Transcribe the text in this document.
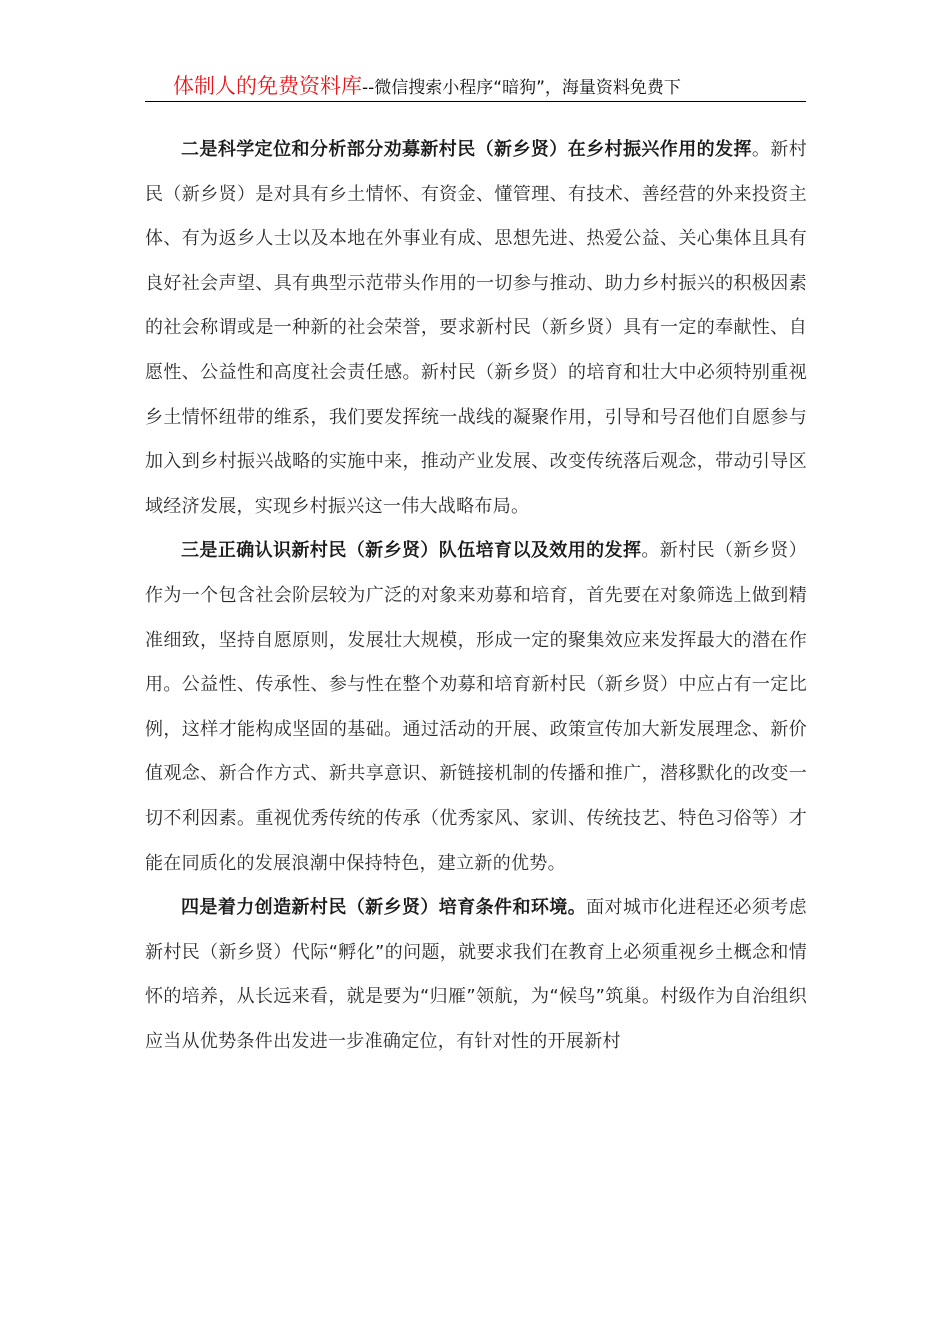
体制人的免费资料库--微信搜索小程序“暗狗”，海量资料免费下

二是科学定位和分析部分劝募新村民（新乡贤）在乡村振兴作用的发挥。新村民（新乡贤）是对具有乡土情怀、有资金、懂管理、有技术、善经营的外来投资主体、有为返乡人士以及本地在外事业有成、思想先进、热爱公益、关心集体且具有良好社会声望、具有典型示范带头作用的一切参与推动、助力乡村振兴的积极因素的社会称谓或是一种新的社会荣誉，要求新村民（新乡贤）具有一定的奉献性、自愿性、公益性和高度社会责任感。新村民（新乡贤）的培育和壮大中必须特别重视乡土情怀纽带的维系，我们要发挥统一战线的凝聚作用，引导和号召他们自愿参与加入到乡村振兴战略的实施中来，推动产业发展、改变传统落后观念，带动引导区域经济发展，实现乡村振兴这一伟大战略布局。

三是正确认识新村民（新乡贤）队伍培育以及效用的发挥。新村民（新乡贤）作为一个包含社会阶层较为广泛的对象来劝募和培育，首先要在对象筛选上做到精准细致，坚持自愿原则，发展壮大规模，形成一定的聚集效应来发挥最大的潜在作用。公益性、传承性、参与性在整个劝募和培育新村民（新乡贤）中应占有一定比例，这样才能构成坚固的基础。通过活动的开展、政策宣传加大新发展理念、新价值观念、新合作方式、新共享意识、新链接机制的传播和推广，潜移默化的改变一切不利因素。重视优秀传统的传承（优秀家风、家训、传统技艺、特色习俗等）才能在同质化的发展浪潮中保持特色，建立新的优势。

四是着力创造新村民（新乡贤）培育条件和环境。面对城市化进程还必须考虑新村民（新乡贤）代际“孵化”的问题，就要求我们在教育上必须重视乡土概念和情怀的培养，从长远来看，就是要为“归雁”领航，为“候鸟”筑巢。村级作为自治组织应当从优势条件出发进一步准确定位，有针对性的开展新村
